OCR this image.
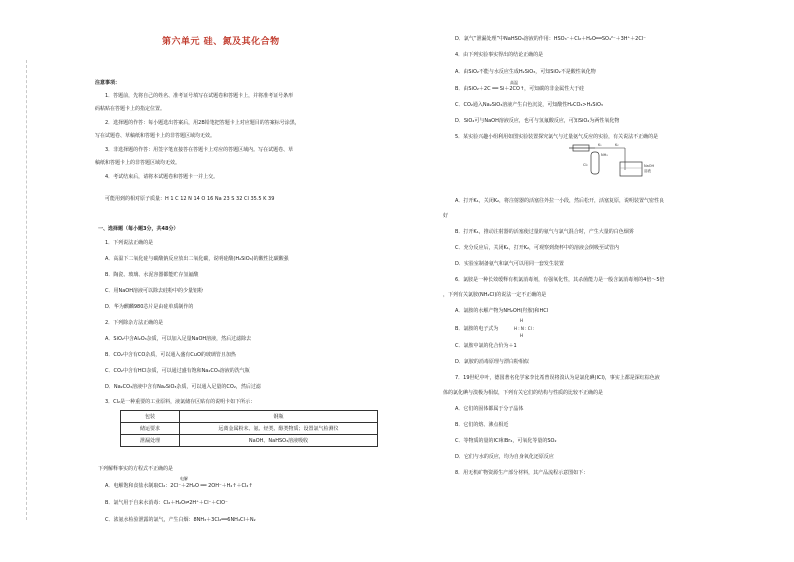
第六单元 硅、氮及其化合物
注意事项：
1．答题前，先将自己的姓名、准考证号填写在试题卷和答题卡上，并将准考证号条形
码粘贴在答题卡上的指定位置。
2．选择题的作答：每小题选出答案后，用2B铅笔把答题卡上对应题目的答案标号涂黑，
写在试题卷、草稿纸和答题卡上的非答题区域均无效。
3．非选择题的作答：用签字笔直接答在答题卡上对应的答题区域内。写在试题卷、草
稿纸和答题卡上的非答题区域均无效。
4．考试结束后，请将本试题卷和答题卡一并上交。
可能用到的相对原子质量：H 1 C 12 N 14 O 16 Na 23 S 32 Cl 35.5 K 39
一、选择题（每小题3分，共48分）
1．下列说法正确的是
A．高温下二氧化硅与碳酸钠反应放出二氧化碳，说明硅酸(H₂SiO₃)的酸性比碳酸强
B．陶瓷、玻璃、水泥容器都能贮存氢氟酸
C．用NaOH溶液可以除去硅粉中的少量铝粉
D．华为麒麟980芯片是由硅单质制作的
2．下列除杂方法正确的是
A．SiO₂中含Al₂O₃杂质，可以加入足量NaOH溶液，然后过滤除去
B．CO₂中含有CO杂质，可以通入盛有CuO的玻璃管且加热
C．CO₂中含有HCl杂质，可以通过盛有饱和Na₂CO₃溶液的洗气瓶
D．Na₂CO₃溶液中含有Na₂SiO₃杂质，可以通入足量的CO₂，然后过滤
3．Cl₂是一种重要的工业原料，液氯储存区贴有的说明卡如下所示：
包装	钢瓶
储运要求	远离金属粉末、氨、烃类、醇类物质；设置氯气检测仪
泄漏处理	NaOH、NaHSO₃溶液吸收
下列解释事实的方程式不正确的是
电解
A．电解饱和食盐水制取Cl₂：2Cl⁻＋2H₂O ══ 2OH⁻＋H₂↑＋Cl₂↑
B．氯气用于自来水消毒：Cl₂＋H₂O⇌2H⁺＋Cl⁻＋ClO⁻
C．浓氨水检验泄露的氯气，产生白烟：8NH₃＋3Cl₂══6NH₄Cl＋N₂
D．氯气“泄漏处理”中NaHSO₃溶液的作用：HSO₃⁻＋Cl₂＋H₂O══SO₄²⁻＋3H⁺＋2Cl⁻
4．由下列实验事实得出的结论正确的是
A．由SiO₂不能与水反应生成H₂SiO₃，可知SiO₂不是酸性氧化物
高温
B．由SiO₂＋2C ══ Si＋2CO↑，可知碳的非金属性大于硅
C．CO₂通入Na₂SiO₃溶液产生白色沉淀，可知酸性H₂CO₃>H₂SiO₃
D．SiO₂可与NaOH溶液反应，也可与氢氟酸反应，可知SiO₂为两性氧化物
5．某实验兴趣小组利用如图实验装置探究氯气与过量氨气反应的实验，有关说法不正确的是
K₁	K₂
NH₃
Cl₂	NaOH
溶液
A．打开K₁，关闭K₂，将注射器的活塞往外拉一小段，然后松开，活塞复原，说明装置气密性良
好
B．打开K₁，推动注射器的活塞使过量的氨气与氯气混合时，产生大量的白色烟雾
C．充分反应后，关闭K₁，打开K₂，可观察到烧杯中的溶液会倒吸至试管内
D．实验室制备氨气和氯气可以用同一套发生装置
6．氯胺是一种长效缓释有机氯消毒剂，有强氧化性，其杀菌能力是一般含氯消毒剂的4倍～5倍
，下列有关氯胺(NH₂Cl)的说法一定不正确的是
A．氯胺的水解产物为NH₂OH(羟胺)和HCl
H
B．氯胺的电子式为	H : N : Cl :
H
C．氯胺中氯的化合价为＋1
D．氯胺的消毒原理与漂白粉相似
7．19世纪中叶，德国著名化学家李比希曾误将溴认为是氯化碘(ICl)，事实上都是深红棕色液
体的氯化碘与溴极为相似，下列有关它们的结构与性质的比较不正确的是
A．它们的固体都属于分子晶体
B．它们的熔、沸点相近
C．等物质的量的ICl和Br₂，可氧化等量的SO₂
D．它们与水的反应，均为自身氧化还原反应
8．用无机矿物资源生产部分材料，其产品流程示意图如下：
